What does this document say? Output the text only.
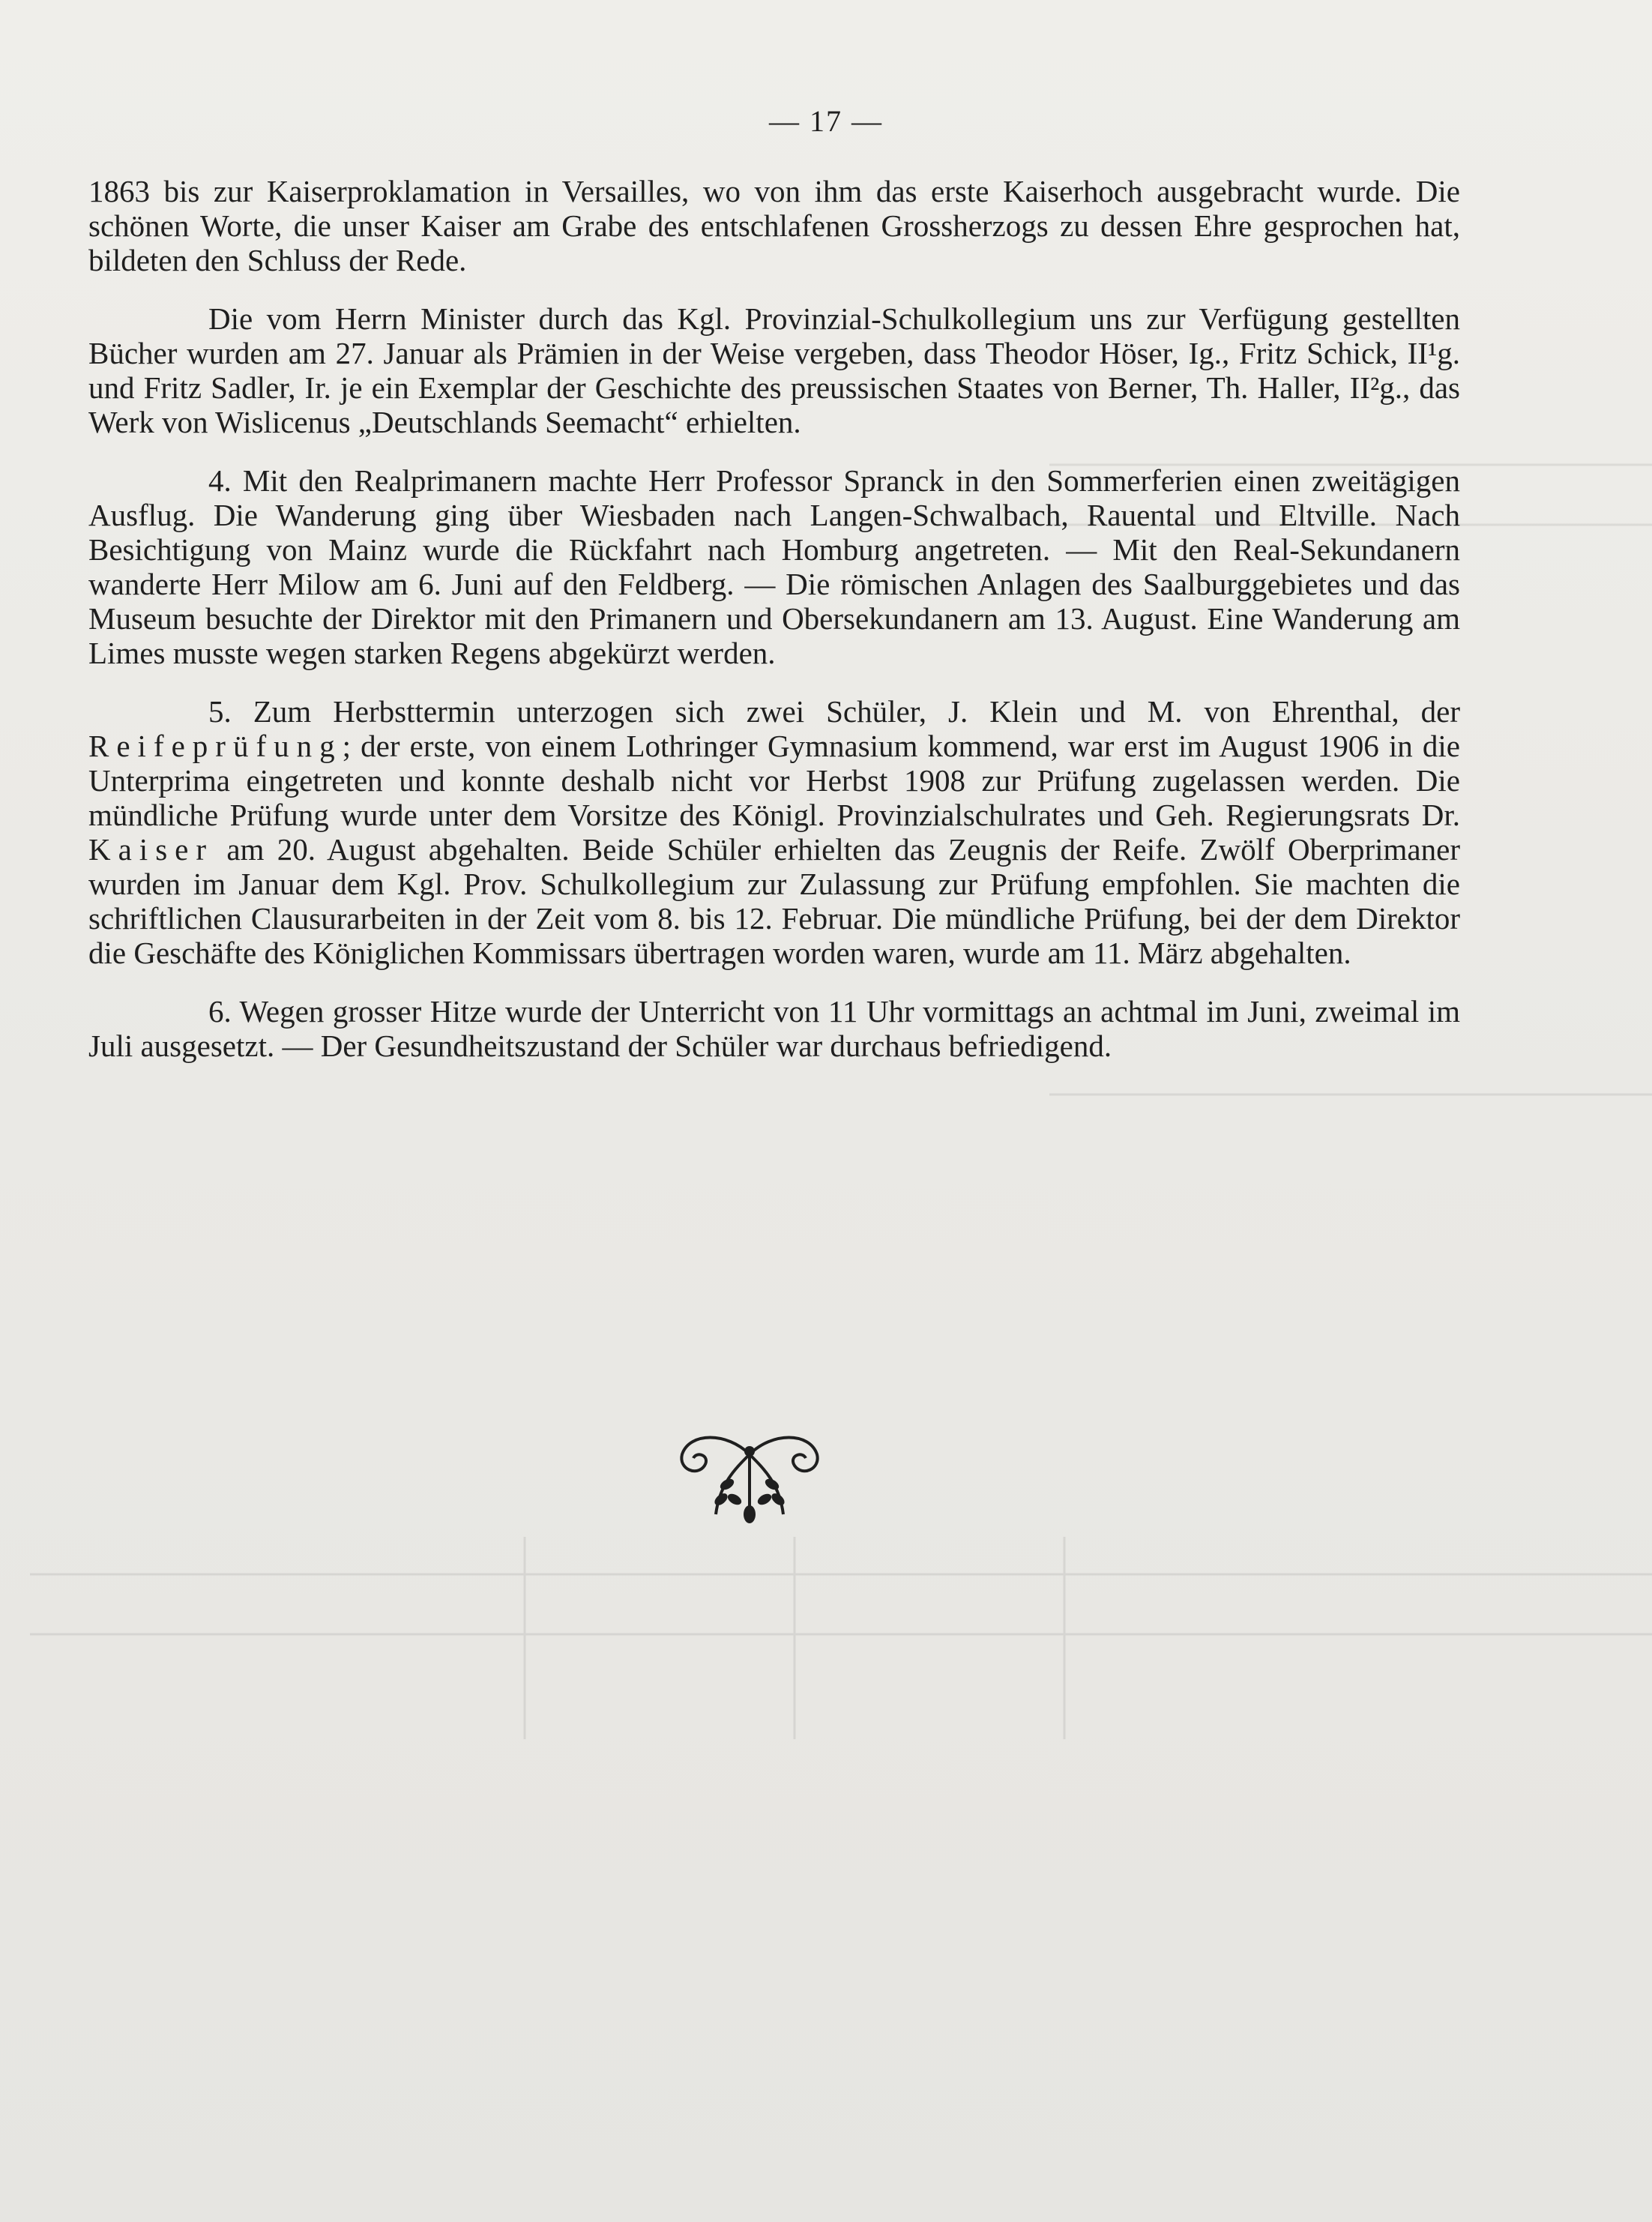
— 17 —

1863 bis zur Kaiserproklamation in Versailles, wo von ihm das erste Kaiserhoch ausgebracht wurde. Die schönen Worte, die unser Kaiser am Grabe des entschlafenen Grossherzogs zu dessen Ehre gesprochen hat, bildeten den Schluss der Rede.

Die vom Herrn Minister durch das Kgl. Provinzial-Schulkollegium uns zur Verfügung gestellten Bücher wurden am 27. Januar als Prämien in der Weise vergeben, dass Theodor Höser, Ig., Fritz Schick, II¹g. und Fritz Sadler, Ir. je ein Exemplar der Geschichte des preussischen Staates von Berner, Th. Haller, II²g., das Werk von Wislicenus „Deutschlands Seemacht“ erhielten.

4. Mit den Realprimanern machte Herr Professor Spranck in den Sommerferien einen zweitägigen Ausflug. Die Wanderung ging über Wiesbaden nach Langen-Schwalbach, Rauental und Eltville. Nach Besichtigung von Mainz wurde die Rückfahrt nach Homburg angetreten. — Mit den Real-Sekundanern wanderte Herr Milow am 6. Juni auf den Feldberg. — Die römischen Anlagen des Saalburggebietes und das Museum besuchte der Direktor mit den Primanern und Obersekundanern am 13. August. Eine Wanderung am Limes musste wegen starken Regens abgekürzt werden.

5. Zum Herbsttermin unterzogen sich zwei Schüler, J. Klein und M. von Ehrenthal, der Reifeprüfung; der erste, von einem Lothringer Gymnasium kommend, war erst im August 1906 in die Unterprima eingetreten und konnte deshalb nicht vor Herbst 1908 zur Prüfung zugelassen werden. Die mündliche Prüfung wurde unter dem Vorsitze des Königl. Provinzialschulrates und Geh. Regierungsrats Dr. Kaiser am 20. August abgehalten. Beide Schüler erhielten das Zeugnis der Reife. Zwölf Oberprimaner wurden im Januar dem Kgl. Prov. Schulkollegium zur Zulassung zur Prüfung empfohlen. Sie machten die schriftlichen Clausurarbeiten in der Zeit vom 8. bis 12. Februar. Die mündliche Prüfung, bei der dem Direktor die Geschäfte des Königlichen Kommissars übertragen worden waren, wurde am 11. März abgehalten.

6. Wegen grosser Hitze wurde der Unterricht von 11 Uhr vormittags an achtmal im Juni, zweimal im Juli ausgesetzt. — Der Gesundheitszustand der Schüler war durchaus befriedigend.
